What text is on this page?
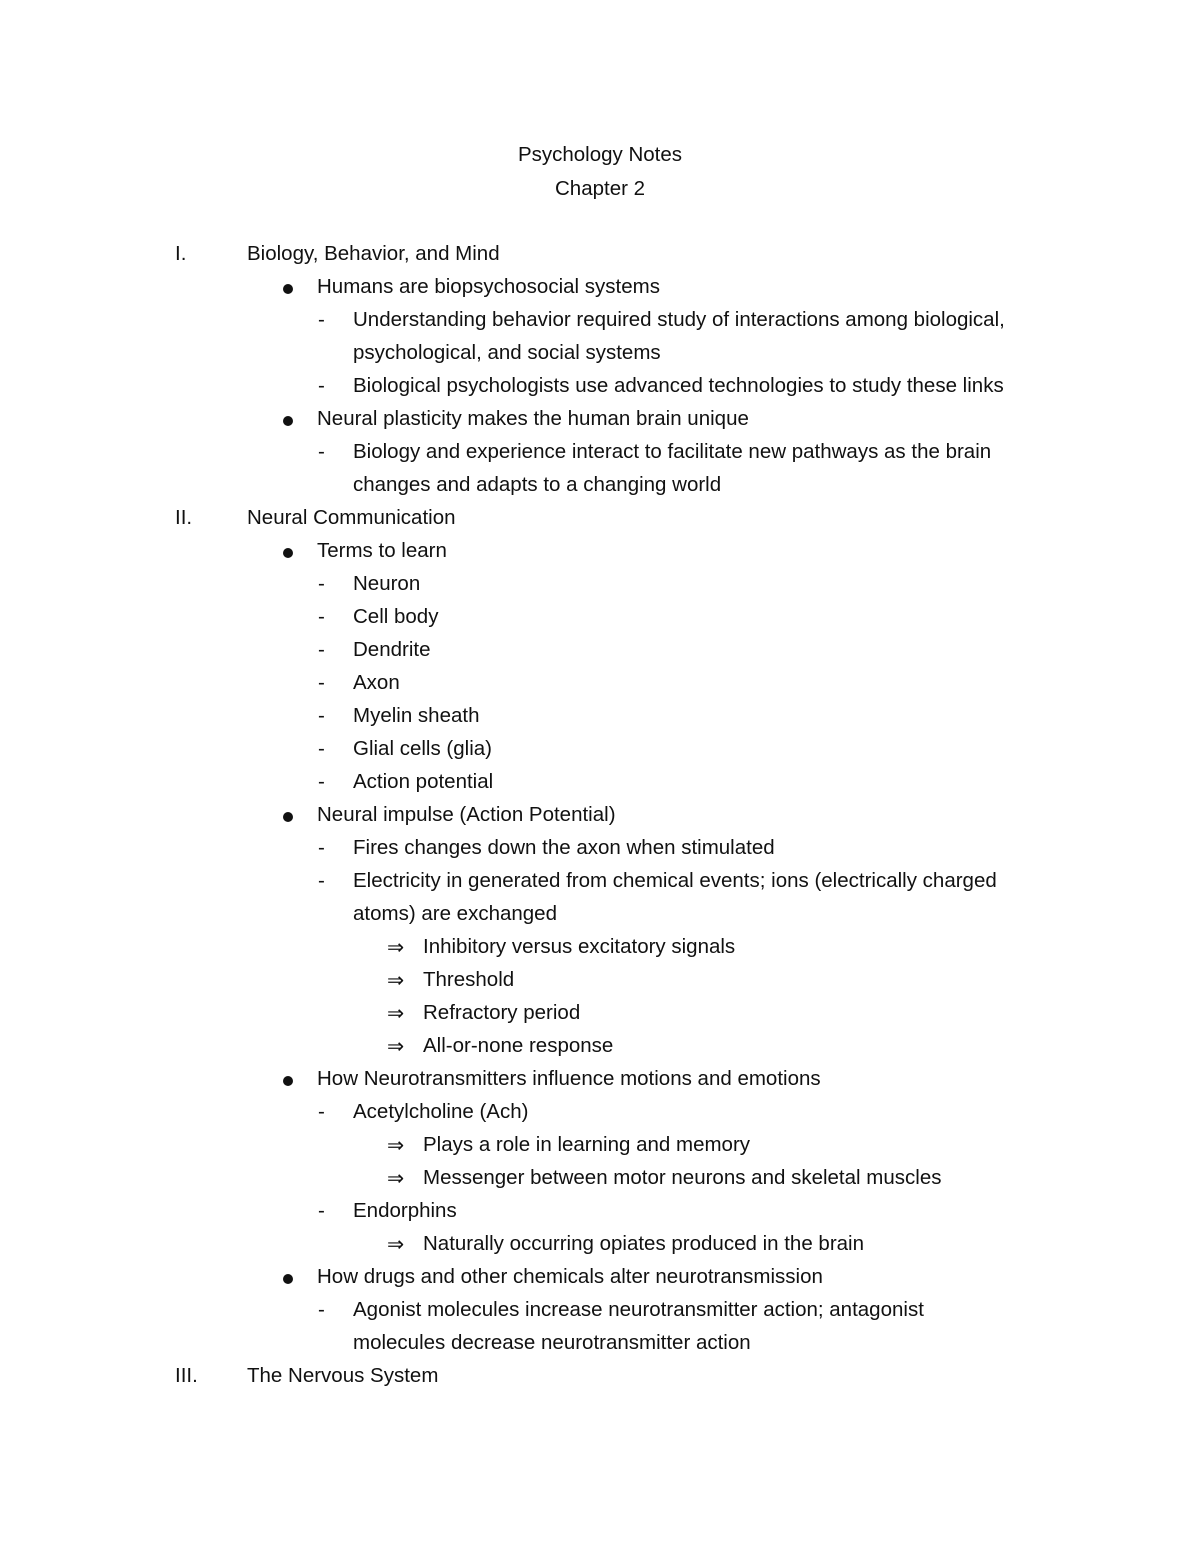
Psychology Notes
Chapter 2
I.	Biology, Behavior, and Mind
Humans are biopsychosocial systems
- Understanding behavior required study of interactions among biological,
psychological, and social systems
- Biological psychologists use advanced technologies to study these links
Neural plasticity makes the human brain unique
- Biology and experience interact to facilitate new pathways as the brain
changes and adapts to a changing world
II.	Neural Communication
Terms to learn
- Neuron
- Cell body
- Dendrite
- Axon
- Myelin sheath
- Glial cells (glia)
- Action potential
Neural impulse (Action Potential)
- Fires changes down the axon when stimulated
- Electricity in generated from chemical events; ions (electrically charged
atoms) are exchanged
⇒ Inhibitory versus excitatory signals
⇒ Threshold
⇒ Refractory period
⇒ All-or-none response
How Neurotransmitters influence motions and emotions
- Acetylcholine (Ach)
⇒ Plays a role in learning and memory
⇒ Messenger between motor neurons and skeletal muscles
- Endorphins
⇒ Naturally occurring opiates produced in the brain
How drugs and other chemicals alter neurotransmission
- Agonist molecules increase neurotransmitter action; antagonist
molecules decrease neurotransmitter action
III. The Nervous System
